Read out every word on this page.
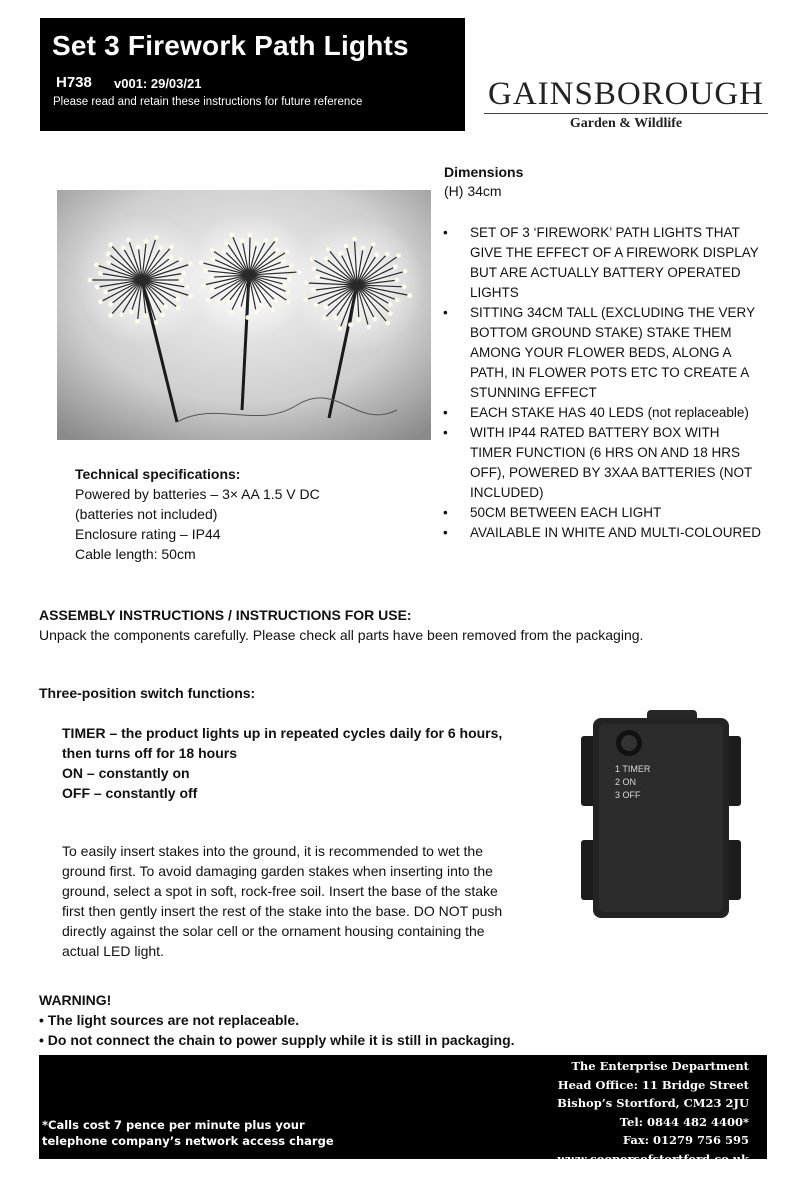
Set 3 Firework Path Lights
H738 v001: 29/03/21
Please read and retain these instructions for future reference	GAINSBOROUGH
Garden & Wildlife
Dimensions
(H) 34cm
• SET OF 3 ‘FIREWORK’ PATH LIGHTS THAT GIVE THE EFFECT OF A FIREWORK DISPLAY BUT ARE ACTUALLY BATTERY OPERATED LIGHTS
• SITTING 34CM TALL (EXCLUDING THE VERY BOTTOM GROUND STAKE) STAKE THEM AMONG YOUR FLOWER BEDS, ALONG A PATH, IN FLOWER POTS ETC TO CREATE A STUNNING EFFECT
• EACH STAKE HAS 40 LEDS (not replaceable)
• WITH IP44 RATED BATTERY BOX WITH TIMER FUNCTION (6 HRS ON AND 18 HRS OFF), POWERED BY 3XAA BATTERIES (NOT INCLUDED)
• 50CM BETWEEN EACH LIGHT
• AVAILABLE IN WHITE AND MULTI-COLOURED
Technical specifications:
Powered by batteries – 3× AA 1.5 V DC
(batteries not included)
Enclosure rating – IP44
Cable length: 50cm
ASSEMBLY INSTRUCTIONS / INSTRUCTIONS FOR USE:
Unpack the components carefully. Please check all parts have been removed from the packaging.
Three-position switch functions:
TIMER – the product lights up in repeated cycles daily for 6 hours,
then turns off for 18 hours
ON – constantly on
OFF – constantly off
To easily insert stakes into the ground, it is recommended to wet the ground first. To avoid damaging garden stakes when inserting into the ground, select a spot in soft, rock-free soil. Insert the base of the stake first then gently insert the rest of the stake into the base. DO NOT push directly against the solar cell or the ornament housing containing the actual LED light.
1 TIMER
2 ON
3 OFF
WARNING!
• The light sources are not replaceable.
• Do not connect the chain to power supply while it is still in packaging.
*Calls cost 7 pence per minute plus your
telephone company’s network access charge
The Enterprise Department
Head Office: 11 Bridge Street
Bishop’s Stortford, CM23 2JU
Tel: 0844 482 4400*
Fax: 01279 756 595
www.coopersofstortford.co.uk
